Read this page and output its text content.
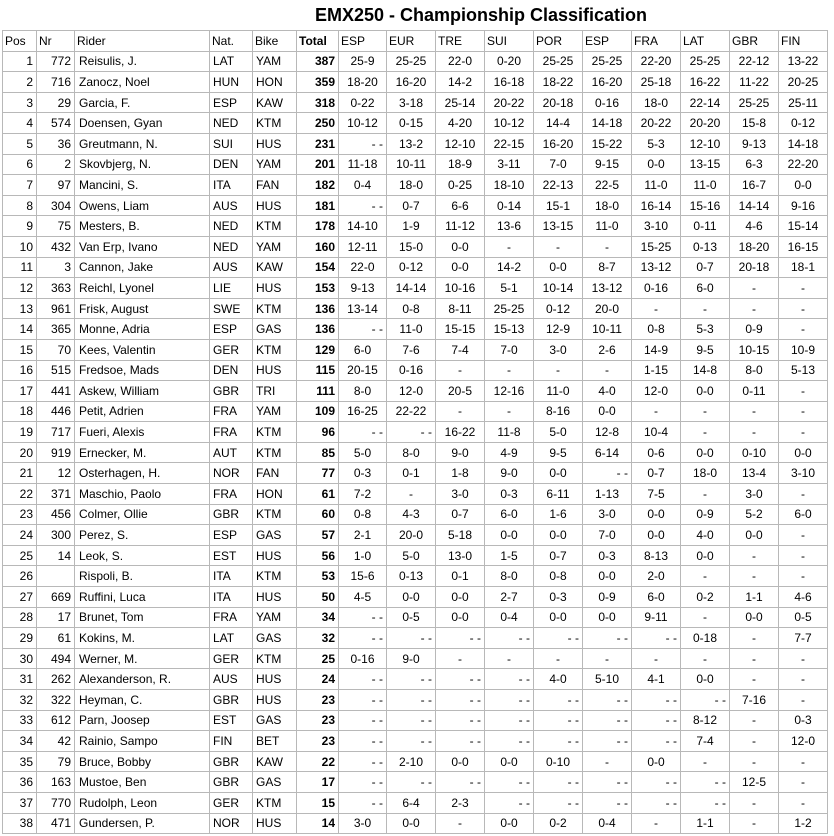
EMX250 - Championship Classification
Pos	Nr	Rider	Nat.	Bike	Total	ESP	EUR	TRE	SUI	POR	ESP	FRA	LAT	GBR	FIN
1	772	Reisulis, J.	LAT	YAM	387	25-9	25-25	22-0	0-20	25-25	25-25	22-20	25-25	22-12	13-22
2	716	Zanocz, Noel	HUN	HON	359	18-20	16-20	14-2	16-18	18-22	16-20	25-18	16-22	11-22	20-25
3	29	Garcia, F.	ESP	KAW	318	0-22	3-18	25-14	20-22	20-18	0-16	18-0	22-14	25-25	25-11
4	574	Doensen, Gyan	NED	KTM	250	10-12	0-15	4-20	10-12	14-4	14-18	20-22	20-20	15-8	0-12
5	36	Greutmann, N.	SUI	HUS	231	- -	13-2	12-10	22-15	16-20	15-22	5-3	12-10	9-13	14-18
6	2	Skovbjerg, N.	DEN	YAM	201	11-18	10-11	18-9	3-11	7-0	9-15	0-0	13-15	6-3	22-20
7	97	Mancini, S.	ITA	FAN	182	0-4	18-0	0-25	18-10	22-13	22-5	11-0	11-0	16-7	0-0
8	304	Owens, Liam	AUS	HUS	181	- -	0-7	6-6	0-14	15-1	18-0	16-14	15-16	14-14	9-16
9	75	Mesters, B.	NED	KTM	178	14-10	1-9	11-12	13-6	13-15	11-0	3-10	0-11	4-6	15-14
10	432	Van Erp, Ivano	NED	YAM	160	12-11	15-0	0-0	-	-	-	15-25	0-13	18-20	16-15
11	3	Cannon, Jake	AUS	KAW	154	22-0	0-12	0-0	14-2	0-0	8-7	13-12	0-7	20-18	18-1
12	363	Reichl, Lyonel	LIE	HUS	153	9-13	14-14	10-16	5-1	10-14	13-12	0-16	6-0	-	-
13	961	Frisk, August	SWE	KTM	136	13-14	0-8	8-11	25-25	0-12	20-0	-	-	-	-
14	365	Monne, Adria	ESP	GAS	136	- -	11-0	15-15	15-13	12-9	10-11	0-8	5-3	0-9	-
15	70	Kees, Valentin	GER	KTM	129	6-0	7-6	7-4	7-0	3-0	2-6	14-9	9-5	10-15	10-9
16	515	Fredsoe, Mads	DEN	HUS	115	20-15	0-16	-	-	-	-	1-15	14-8	8-0	5-13
17	441	Askew, William	GBR	TRI	111	8-0	12-0	20-5	12-16	11-0	4-0	12-0	0-0	0-11	-
18	446	Petit, Adrien	FRA	YAM	109	16-25	22-22	-	-	8-16	0-0	-	-	-	-
19	717	Fueri, Alexis	FRA	KTM	96	- -	- -	16-22	11-8	5-0	12-8	10-4	-	-	-
20	919	Ernecker, M.	AUT	KTM	85	5-0	8-0	9-0	4-9	9-5	6-14	0-6	0-0	0-10	0-0
21	12	Osterhagen, H.	NOR	FAN	77	0-3	0-1	1-8	9-0	0-0	- -	0-7	18-0	13-4	3-10
22	371	Maschio, Paolo	FRA	HON	61	7-2	-	3-0	0-3	6-11	1-13	7-5	-	3-0	-
23	456	Colmer, Ollie	GBR	KTM	60	0-8	4-3	0-7	6-0	1-6	3-0	0-0	0-9	5-2	6-0
24	300	Perez, S.	ESP	GAS	57	2-1	20-0	5-18	0-0	0-0	7-0	0-0	4-0	0-0	-
25	14	Leok, S.	EST	HUS	56	1-0	5-0	13-0	1-5	0-7	0-3	8-13	0-0	-	-
26		Rispoli, B.	ITA	KTM	53	15-6	0-13	0-1	8-0	0-8	0-0	2-0	-	-	-
27	669	Ruffini, Luca	ITA	HUS	50	4-5	0-0	0-0	2-7	0-3	0-9	6-0	0-2	1-1	4-6
28	17	Brunet, Tom	FRA	YAM	34	- -	0-5	0-0	0-4	0-0	0-0	9-11	-	0-0	0-5
29	61	Kokins, M.	LAT	GAS	32	- -	- -	- -	- -	- -	- -	- -	0-18	-	7-7
30	494	Werner, M.	GER	KTM	25	0-16	9-0	-	-	-	-	-	-	-	-
31	262	Alexanderson, R.	AUS	HUS	24	- -	- -	- -	- -	4-0	5-10	4-1	0-0	-	-
32	322	Heyman, C.	GBR	HUS	23	- -	- -	- -	- -	- -	- -	- -	- -	7-16	-
33	612	Parn, Joosep	EST	GAS	23	- -	- -	- -	- -	- -	- -	- -	8-12	-	0-3
34	42	Rainio, Sampo	FIN	BET	23	- -	- -	- -	- -	- -	- -	- -	7-4	-	12-0
35	79	Bruce, Bobby	GBR	KAW	22	- -	2-10	0-0	0-0	0-10	-	0-0	-	-	-
36	163	Mustoe, Ben	GBR	GAS	17	- -	- -	- -	- -	- -	- -	- -	- -	12-5	-
37	770	Rudolph, Leon	GER	KTM	15	- -	6-4	2-3	- -	- -	- -	- -	- -	-	-
38	471	Gundersen, P.	NOR	HUS	14	3-0	0-0	-	0-0	0-2	0-4	-	1-1	-	1-2
